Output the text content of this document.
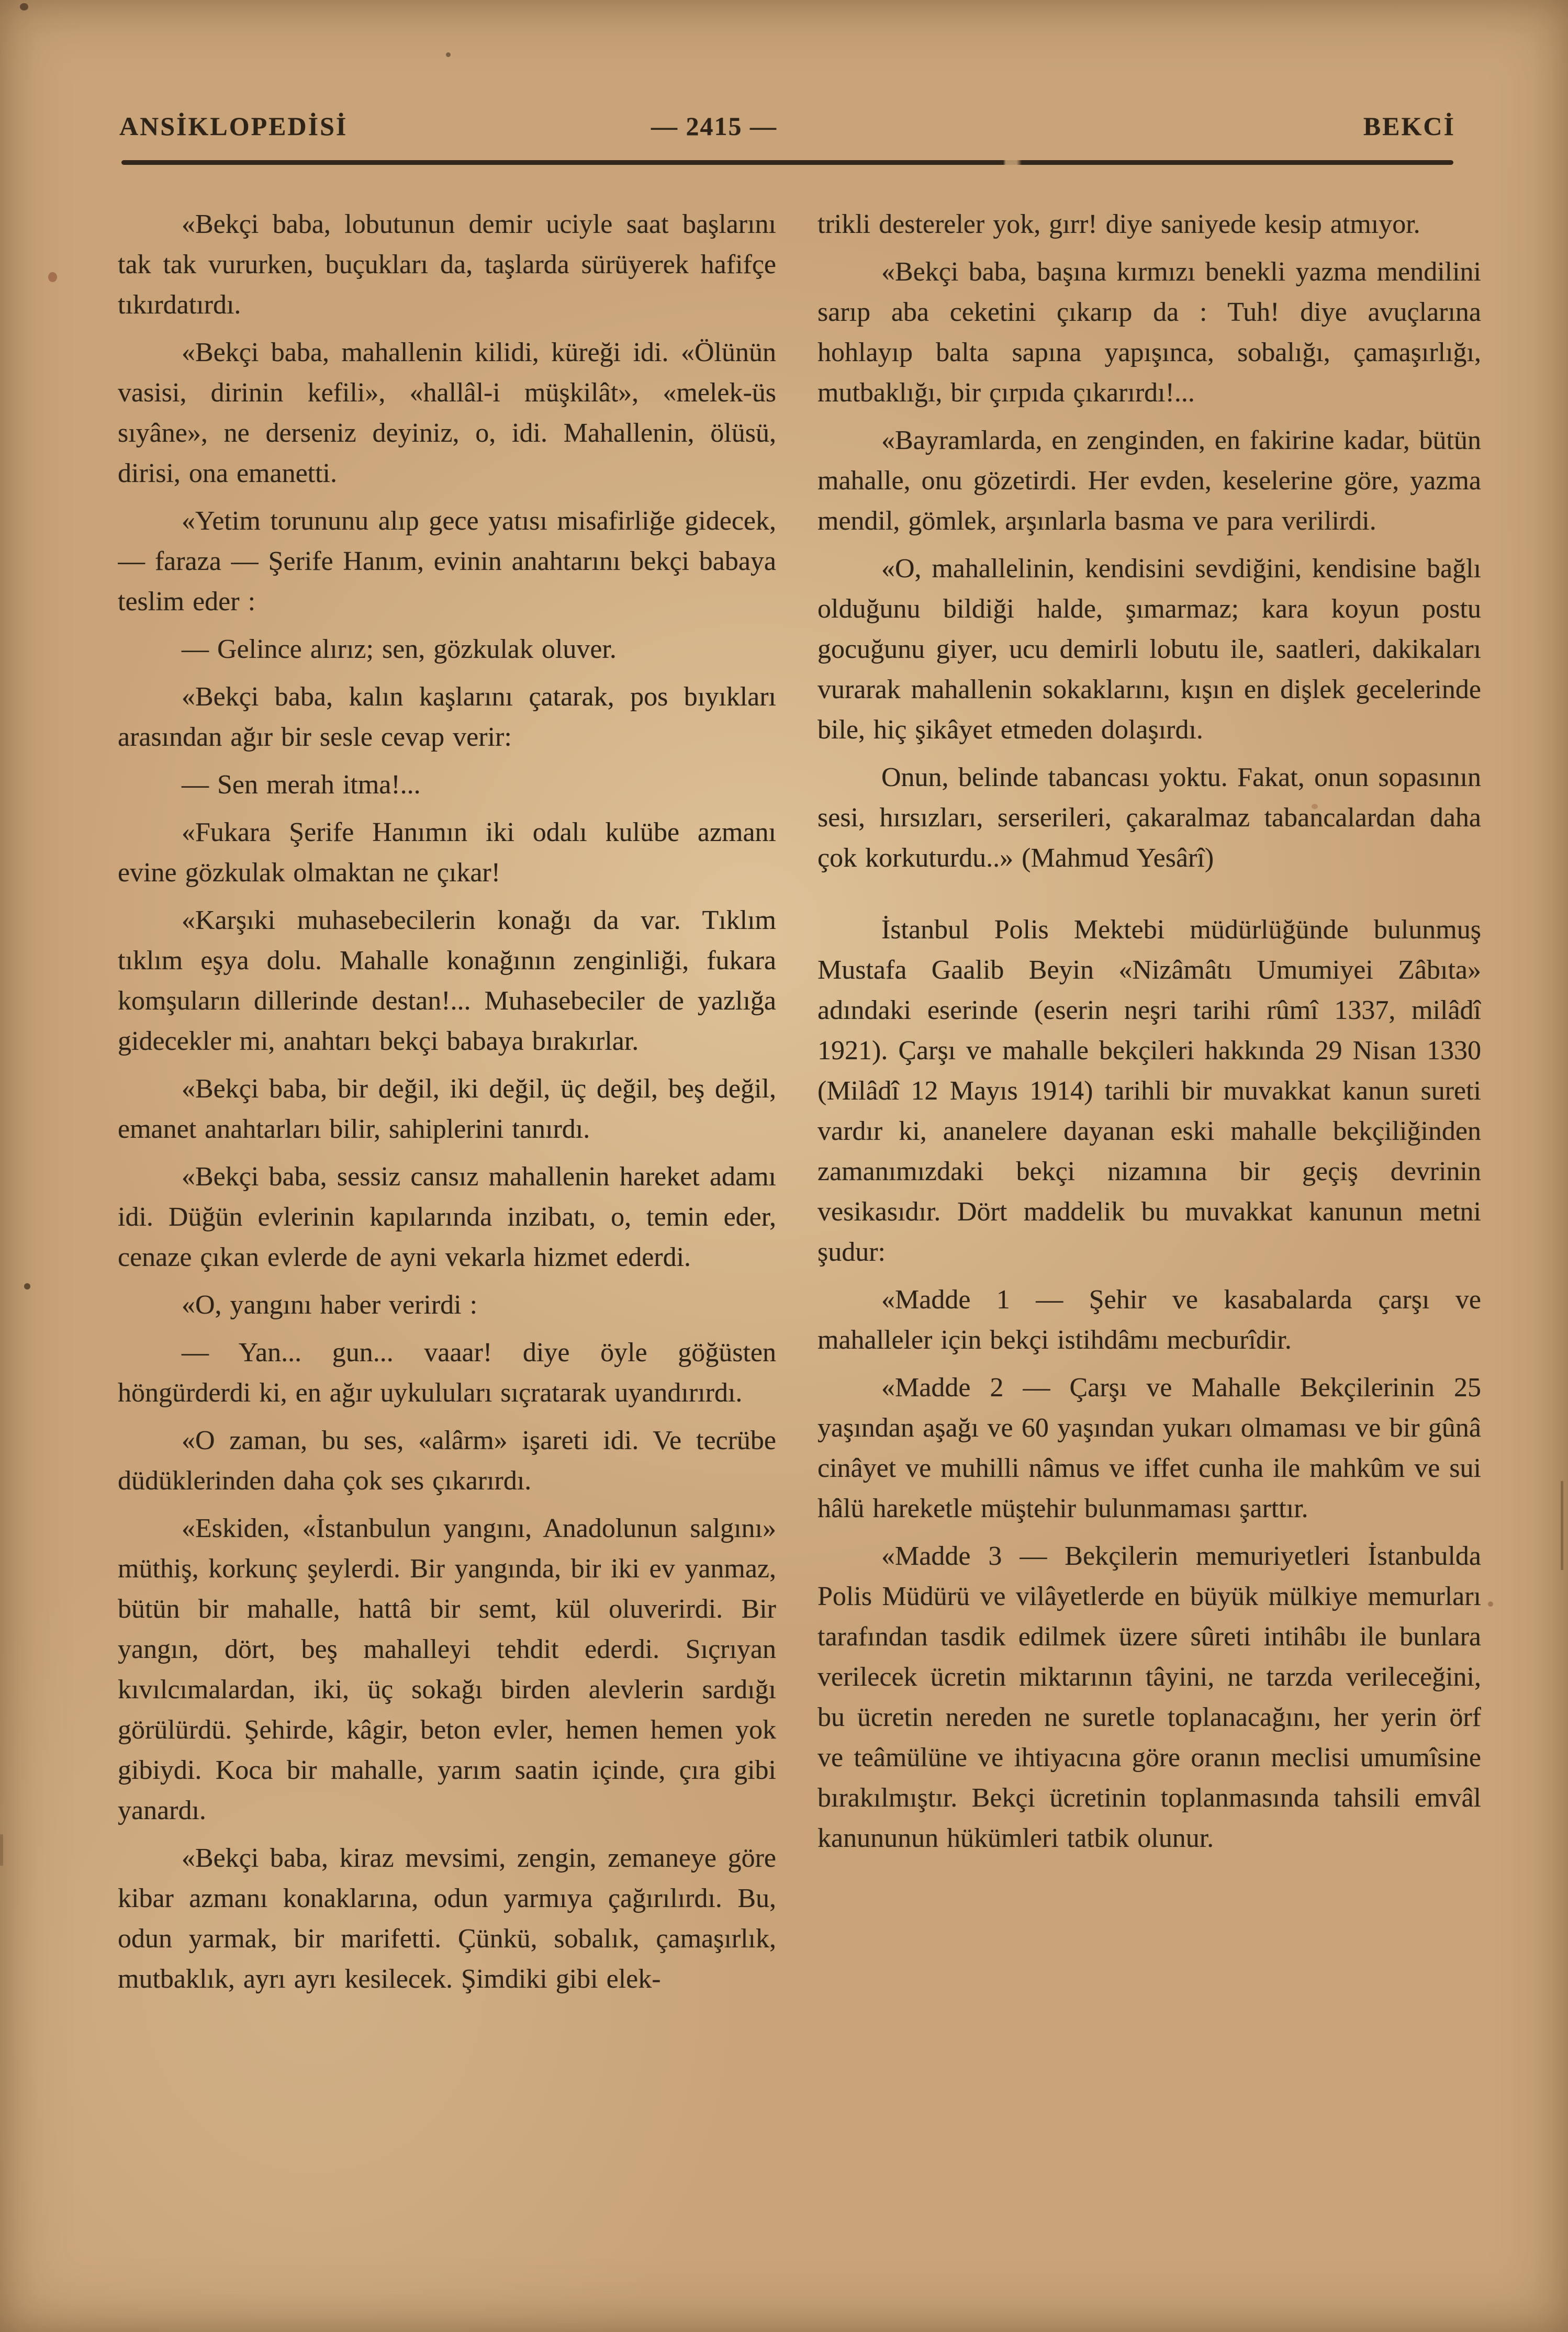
ANSİKLOPEDİSİ	— 2415 —	BEKCİ

«Bekçi baba, lobutunun demir uciyle saat başlarını tak tak vururken, buçukları da, taşlarda sürüyerek hafifçe tıkırdatırdı.

«Bekçi baba, mahallenin kilidi, küreği idi. «Ölünün vasisi, dirinin kefili», «hallâl-i müşkilât», «melek-üs sıyâne», ne derseniz deyiniz, o, idi. Mahallenin, ölüsü, dirisi, ona emanetti.

«Yetim torununu alıp gece yatısı misafirliğe gidecek, — faraza — Şerife Hanım, evinin anahtarını bekçi babaya teslim eder :

— Gelince alırız; sen, gözkulak oluver.

«Bekçi baba, kalın kaşlarını çatarak, pos bıyıkları arasından ağır bir sesle cevap verir:

— Sen merah itma!...

«Fukara Şerife Hanımın iki odalı kulübe azmanı evine gözkulak olmaktan ne çıkar!

«Karşıki muhasebecilerin konağı da var. Tıklım tıklım eşya dolu. Mahalle konağının zenginliği, fukara komşuların dillerinde destan!... Muhasebeciler de yazlığa gidecekler mi, anahtarı bekçi babaya bırakırlar.

«Bekçi baba, bir değil, iki değil, üç değil, beş değil, emanet anahtarları bilir, sahiplerini tanırdı.

«Bekçi baba, sessiz cansız mahallenin hareket adamı idi. Düğün evlerinin kapılarında inzibatı, o, temin eder, cenaze çıkan evlerde de ayni vekarla hizmet ederdi.

«O, yangını haber verirdi :

— Yan... gun... vaaar! diye öyle göğüsten höngürderdi ki, en ağır uykuluları sıçratarak uyandırırdı.

«O zaman, bu ses, «alârm» işareti idi. Ve tecrübe düdüklerinden daha çok ses çıkarırdı.

«Eskiden, «İstanbulun yangını, Anadolunun salgını» müthiş, korkunç şeylerdi. Bir yangında, bir iki ev yanmaz, bütün bir mahalle, hattâ bir semt, kül oluverirdi. Bir yangın, dört, beş mahalleyi tehdit ederdi. Sıçrıyan kıvılcımalardan, iki, üç sokağı birden alevlerin sardığı görülürdü. Şehirde, kâgir, beton evler, hemen hemen yok gibiydi. Koca bir mahalle, yarım saatin içinde, çıra gibi yanardı.

«Bekçi baba, kiraz mevsimi, zengin, zemaneye göre kibar azmanı konaklarına, odun yarmıya çağırılırdı. Bu, odun yarmak, bir marifetti. Çünkü, sobalık, çamaşırlık, mutbaklık, ayrı ayrı kesilecek. Şimdiki gibi elek-

trikli destereler yok, gırr! diye saniyede kesip atmıyor.

«Bekçi baba, başına kırmızı benekli yazma mendilini sarıp aba ceketini çıkarıp da : Tuh! diye avuçlarına hohlayıp balta sapına yapışınca, sobalığı, çamaşırlığı, mutbaklığı, bir çırpıda çıkarırdı!...

«Bayramlarda, en zenginden, en fakirine kadar, bütün mahalle, onu gözetirdi. Her evden, keselerine göre, yazma mendil, gömlek, arşınlarla basma ve para verilirdi.

«O, mahallelinin, kendisini sevdiğini, kendisine bağlı olduğunu bildiği halde, şımarmaz; kara koyun postu gocuğunu giyer, ucu demirli lobutu ile, saatleri, dakikaları vurarak mahallenin sokaklarını, kışın en dişlek gecelerinde bile, hiç şikâyet etmeden dolaşırdı.

Onun, belinde tabancası yoktu. Fakat, onun sopasının sesi, hırsızları, serserileri, çakaralmaz tabancalardan daha çok korkuturdu..» (Mahmud Yesârî)

İstanbul Polis Mektebi müdürlüğünde bulunmuş Mustafa Gaalib Beyin «Nizâmâtı Umumiyei Zâbıta» adındaki eserinde (eserin neşri tarihi rûmî 1337, milâdî 1921). Çarşı ve mahalle bekçileri hakkında 29 Nisan 1330 (Milâdî 12 Mayıs 1914) tarihli bir muvakkat kanun sureti vardır ki, ananelere dayanan eski mahalle bekçiliğinden zamanımızdaki bekçi nizamına bir geçiş devrinin vesikasıdır. Dört maddelik bu muvakkat kanunun metni şudur:

«Madde 1 — Şehir ve kasabalarda çarşı ve mahalleler için bekçi istihdâmı mecburîdir.

«Madde 2 — Çarşı ve Mahalle Bekçilerinin 25 yaşından aşağı ve 60 yaşından yukarı olmaması ve bir gûnâ cinâyet ve muhilli nâmus ve iffet cunha ile mahkûm ve sui hâlü hareketle müştehir bulunmaması şarttır.

«Madde 3 — Bekçilerin memuriyetleri İstanbulda Polis Müdürü ve vilâyetlerde en büyük mülkiye memurları tarafından tasdik edilmek üzere sûreti intihâbı ile bunlara verilecek ücretin miktarının tâyini, ne tarzda verileceğini, bu ücretin nereden ne suretle toplanacağını, her yerin örf ve teâmülüne ve ihtiyacına göre oranın meclisi umumîsine bırakılmıştır. Bekçi ücretinin toplanmasında tahsili emvâl kanununun hükümleri tatbik olunur.
